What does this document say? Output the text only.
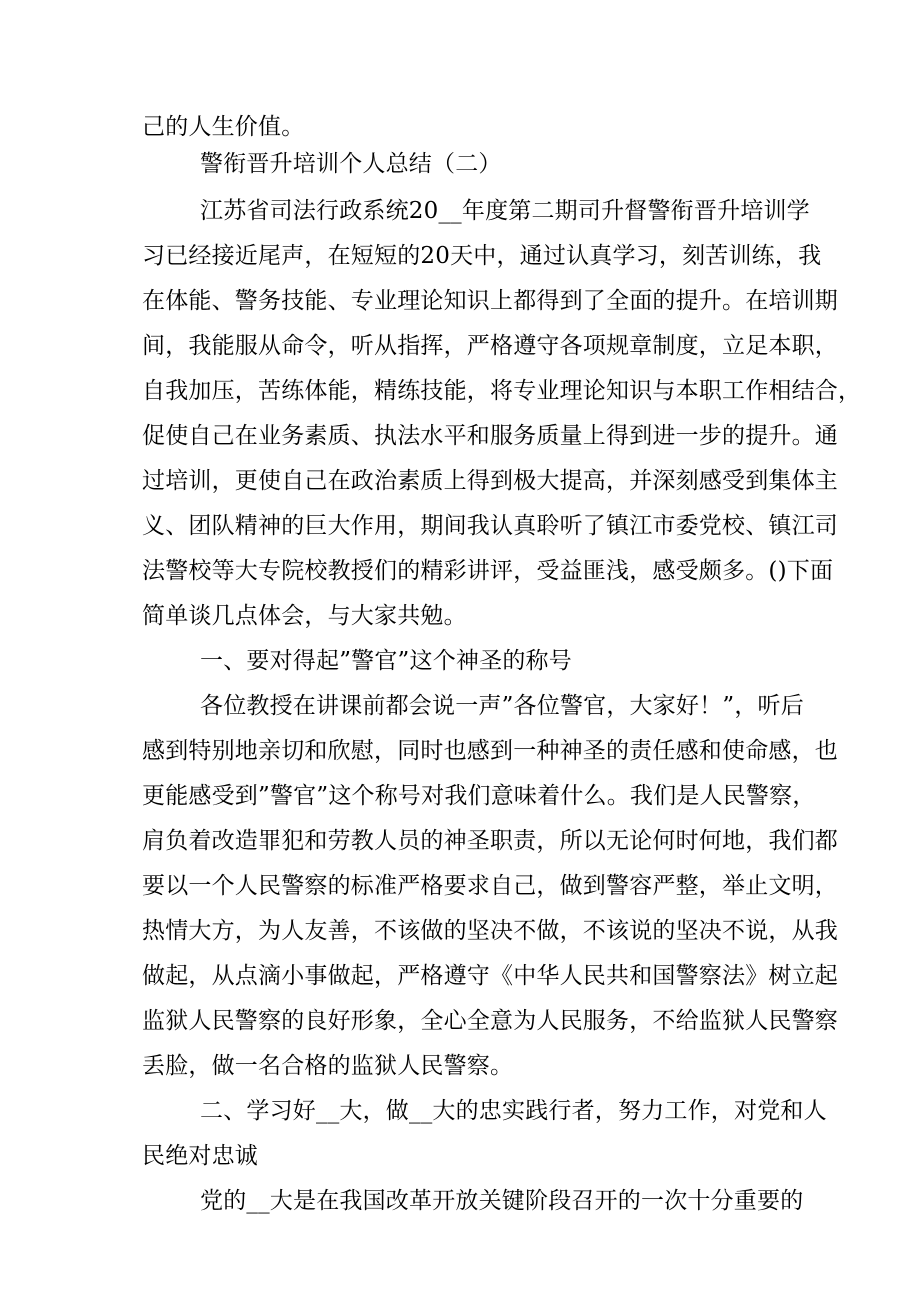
己的人生价值。
警衔晋升培训个人总结（二）
江苏省司法行政系统20__年度第二期司升督警衔晋升培训学
习已经接近尾声，在短短的20天中，通过认真学习，刻苦训练，我
在体能、警务技能、专业理论知识上都得到了全面的提升。在培训期
间，我能服从命令，听从指挥，严格遵守各项规章制度，立足本职，
自我加压，苦练体能，精练技能，将专业理论知识与本职工作相结合，
促使自己在业务素质、执法水平和服务质量上得到进一步的提升。通
过培训，更使自己在政治素质上得到极大提高，并深刻感受到集体主
义、团队精神的巨大作用，期间我认真聆听了镇江市委党校、镇江司
法警校等大专院校教授们的精彩讲评，受益匪浅，感受颇多。()下面
简单谈几点体会，与大家共勉。
一、要对得起”警官”这个神圣的称号
各位教授在讲课前都会说一声”各位警官，大家好！”，听后
感到特别地亲切和欣慰，同时也感到一种神圣的责任感和使命感，也
更能感受到”警官”这个称号对我们意味着什么。我们是人民警察，
肩负着改造罪犯和劳教人员的神圣职责，所以无论何时何地，我们都
要以一个人民警察的标准严格要求自己，做到警容严整，举止文明，
热情大方，为人友善，不该做的坚决不做，不该说的坚决不说，从我
做起，从点滴小事做起，严格遵守《中华人民共和国警察法》树立起
监狱人民警察的良好形象，全心全意为人民服务，不给监狱人民警察
丢脸，做一名合格的监狱人民警察。
二、学习好__大，做__大的忠实践行者，努力工作，对党和人
民绝对忠诚
党的__大是在我国改革开放关键阶段召开的一次十分重要的
